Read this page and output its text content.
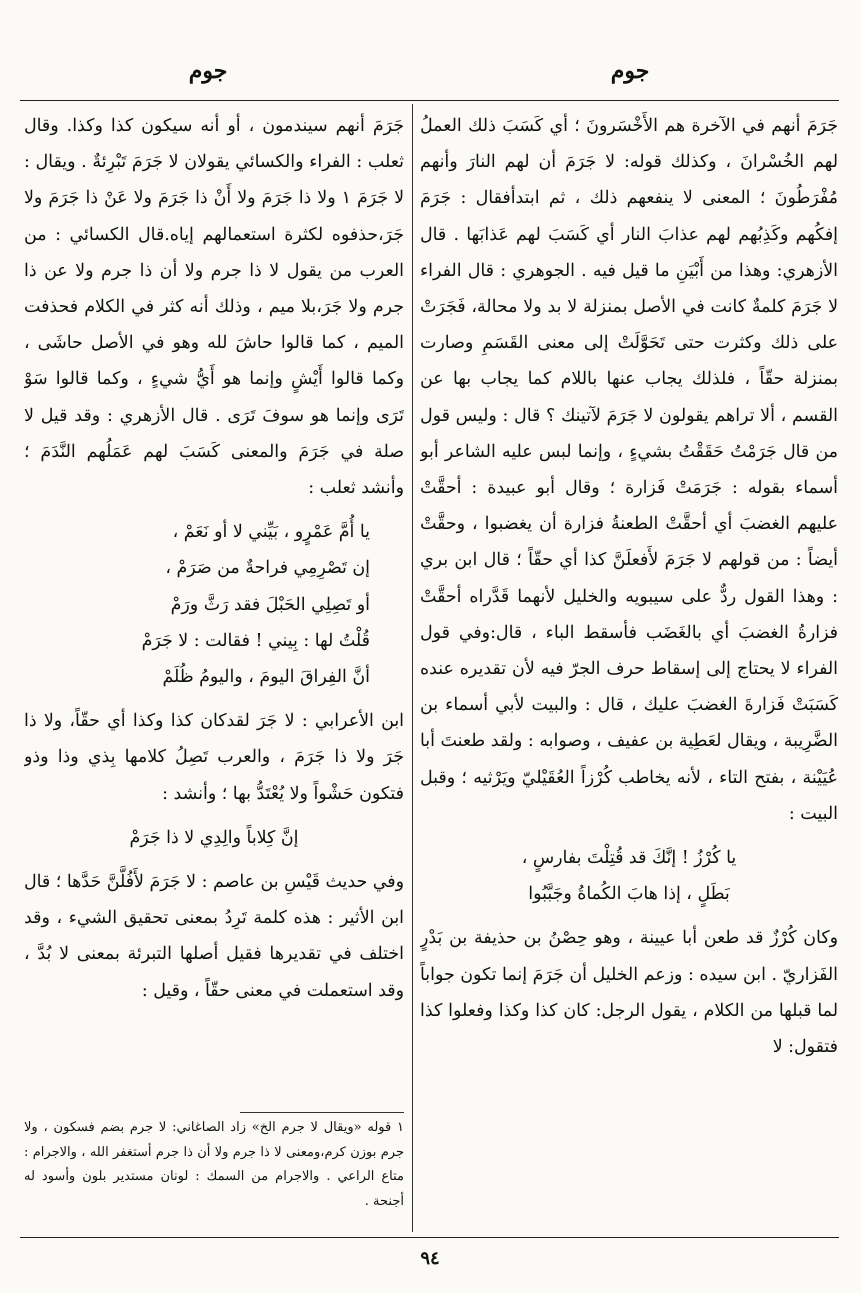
جوم
جوم

جَرَمَ أنهم في الآخرة هم الأَخْسَرونَ ؛ أي كَسَبَ ذلك العملُ لهم الخُسْرانَ ، وكذلك قوله: لا جَرَمَ أن لهم النارَ وأنهم مُفْرَطُونَ ؛ المعنى لا ينفعهم ذلك ، ثم ابتدأفقال : جَرَمَ إفكُهم وكَذِبُهم لهم عذابَ النار أي كَسَبَ لهم عَذابَها . قال الأزهري: وهذا من أَبْيَنِ ما قيل فيه . الجوهري : قال الفراء لا جَرَمَ كلمةٌ كانت في الأصل بمنزلة لا بد ولا محالة، فَجَرَتْ على ذلك وكثرت حتى تَحَوَّلَتْ إلى معنى القَسَمِ وصارت بمنزلة حقّاً ، فلذلك يجاب عنها باللام كما يجاب بها عن القسم ، ألا تراهم يقولون لا جَرَمَ لآتينك ؟ قال : وليس قول من قال جَرَمْتُ حَقَقْتُ بشيءٍ ، وإنما لبس عليه الشاعر أبو أسماء بقوله : جَرَمَتْ فَزارة ؛ وقال أبو عبيدة : أحقَّتْ عليهم الغضبَ أي أحقَّتْ الطعنةُ فزارة أن يغضبوا ، وحقَّتْ أيضاً : من قولهم لا جَرَمَ لأَفعلَنَّ كذا أي حقّاً ؛ قال ابن بري : وهذا القول ردٌّ على سيبويه والخليل لأنهما قَدَّراه أحقَّتْ فزارةُ الغضبَ أي بالغَضَب فأسقط الباء ، قال:وفي قول الفراء لا يحتاج إلى إسقاط حرف الجرّ فيه لأن تقديره عنده كَسَبَتْ فَزارةَ الغضبَ عليك ، قال : والبيت لأبي أسماء بن الضَّرِيبة ، ويقال لعَطِية بن عفيف ، وصوابه : ولقد طعنتَ أبا عُيَيْنة ، بفتح التاء ، لأنه يخاطب كُرْزاً العُقَيْليّ ويَرْثيه ؛ وقبل البيت :

يا كُرْزُ ! إنَّكَ قد قُتِلْتَ بفارسٍ ،
بَطَلٍ ، إذا هابَ الكُماةُ وجَبَّبُوا

وكان كُرْزٌ قد طعن أبا عيينة ، وهو حِصْنُ بن حذيفة بن بَدْرٍ الفَزاريّ . ابن سيده : وزعم الخليل أن جَرَمَ إنما تكون جواباً لما قبلها من الكلام ، يقول الرجل: كان كذا وكذا وفعلوا كذا فتقول: لا

جَرَمَ أنهم سيندمون ، أو أنه سيكون كذا وكذا. وقال ثعلب : الفراء والكسائي يقولان لا جَرَمَ تَبْرِئةٌ . ويقال : لا جَرَمَ ١ ولا ذا جَرَمَ ولا أَنْ ذا جَرَمَ ولا عَنْ ذا جَرَمَ ولا جَرَ،حذفوه لكثرة استعمالهم إياه.قال الكسائي : من العرب من يقول لا ذا جرم ولا أن ذا جرم ولا عن ذا جرم ولا جَرَ،بلا ميم ، وذلك أنه كثر في الكلام فحذفت الميم ، كما قالوا حاشَ لله وهو في الأصل حاشَى ، وكما قالوا أَيْشٍ وإنما هو أَيُّ شيءٍ ، وكما قالوا سَوْ تَرَى وإنما هو سوفَ تَرَى . قال الأزهري : وقد قيل لا صلة في جَرَمَ والمعنى كَسَبَ لهم عَمَلُهم النَّدَمَ ؛ وأنشد ثعلب :

يا أُمَّ عَمْرٍو ، بَيِّني لا أو نَعَمْ ،
إن تَصْرِمِي فراحةٌ من صَرَمْ ،
أو تَصِلِي الحَبْلَ فقد رَثَّ ورَمْ
قُلْتُ لها : بِيني ! فقالت : لا جَرَمْ
أنَّ الفِراقَ اليومَ ، واليومُ ظُلَمْ

ابن الأعرابي : لا جَرَ لقدكان كذا وكذا أي حقّاً، ولا ذا جَرَ ولا ذا جَرَمَ ، والعرب تَصِلُ كلامها بِذي وذا وذو فتكون حَشْواً ولا يُعْتَدُّ بها ؛ وأنشد :

إنَّ كِلاباً والِدِي لا ذا جَرَمْ

وفي حديث قَيْسِ بن عاصم : لا جَرَمَ لأَفُلَّنَّ حَدَّها ؛ قال ابن الأثير : هذه كلمة تَرِدُ بمعنى تحقيق الشيء ، وقد اختلف في تقديرها فقيل أصلها التبرئة بمعنى لا بُدَّ ، وقد استعملت في معنى حقّاً ، وقيل :

١ قوله «ويقال لا جرم الخ» زاد الصاغاني: لا جرم بضم فسكون ، ولا جرم بوزن كرم،ومعنى لا ذا جرم ولا أن ذا جرم أستغفر الله ، والاجرام : متاع الراعي . والاجرام من السمك : لونان مستدير بلون وأسود له أجنحة .

٩٤
